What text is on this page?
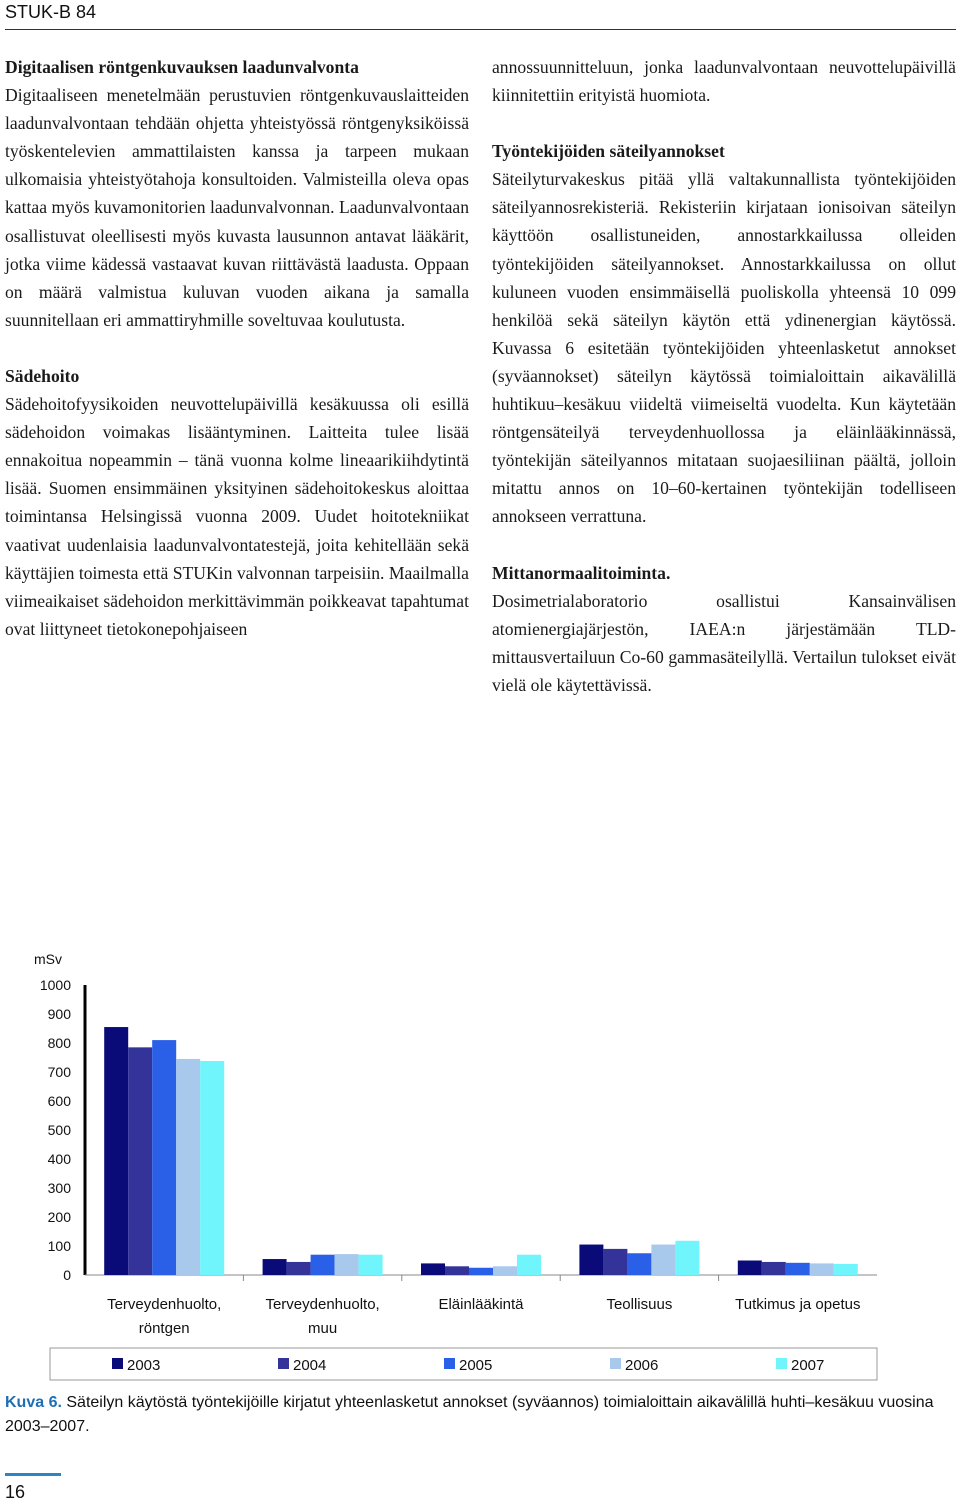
STUK-B 84
Digitaalisen röntgenkuvauksen laadunvalvonta

Digitaaliseen menetelmään perustuvien röntgenkuvauslaitteiden laadunvalvontaan tehdään ohjetta yhteistyössä röntgenyksiköissä työskentelevien ammattilaisten kanssa ja tarpeen mukaan ulkomaisia yhteistyötahoja konsultoiden. Valmisteilla oleva opas kattaa myös kuvamonitorien laadunvalvonnan. Laadunvalvontaan osallistuvat oleellisesti myös kuvasta lausunnon antavat lääkärit, jotka viime kädessä vastaavat kuvan riittävästä laadusta. Oppaan on määrä valmistua kuluvan vuoden aikana ja samalla suunnitellaan eri ammattiryhmille soveltuvaa koulutusta.

Sädehoito

Sädehoitofyysikoiden neuvottelupäivillä kesäkuussa oli esillä sädehoidon voimakas lisääntyminen. Laitteita tulee lisää ennakoitua nopeammin – tänä vuonna kolme lineaarikiihdytintä lisää. Suomen ensimmäinen yksityinen sädehoitokeskus aloittaa toimintansa Helsingissä vuonna 2009. Uudet hoitotekniikat vaativat uudenlaisia laadunvalvontatestejä, joita kehitellään sekä käyttäjien toimesta että STUKin valvonnan tarpeisiin. Maailmalla viimeaikaiset sädehoidon merkittävimmän poikkeavat tapahtumat ovat liittyneet tietokonepohjaiseen

annossuunnitteluun, jonka laadunvalvontaan neuvottelupäivillä kiinnitettiin erityistä huomiota.

Työntekijöiden säteilyannokset

Säteilyturvakeskus pitää yllä valtakunnallista työntekijöiden säteilyannosrekisteriä. Rekisteriin kirjataan ionisoivan säteilyn käyttöön osallistuneiden, annostarkkailussa olleiden työntekijöiden säteilyannokset. Annostarkkailussa on ollut kuluneen vuoden ensimmäisellä puoliskolla yhteensä 10 099 henkilöä sekä säteilyn käytön että ydinenergian käytössä. Kuvassa 6 esitetään työntekijöiden yhteenlasketut annokset (syväannokset) säteilyn käytössä toimialoittain aikavälillä huhtikuu–kesäkuu viideltä viimeiseltä vuodelta. Kun käytetään röntgensäteilyä terveydenhuollossa ja eläinlääkinnässä, työntekijän säteilyannos mitataan suojaesiliinan päältä, jolloin mitattu annos on 10–60-kertainen työntekijän todelliseen annokseen verrattuna.

Mittanormaalitoiminta.

Dosimetrialaboratorio osallistui Kansainvälisen atomienergiajärjestön, IAEA:n järjestämään TLD-mittausvertailuun Co-60 gammasäteilyllä. Vertailun tulokset eivät vielä ole käytettävissä.

mSv
0
100
200
300
400
500
600
700
800
900
1000
Terveydenhuolto,
röntgen
Terveydenhuolto,
muu
Eläinlääkintä	Teollisuus	Tutkimus ja opetus
2003	2004	2005	2006	2007
Kuva 6. Säteilyn käytöstä työntekijöille kirjatut yhteenlasketut annokset (syväannos) toimialoittain aikavälillä huhti–kesäkuu vuosina 2003–2007.
16
